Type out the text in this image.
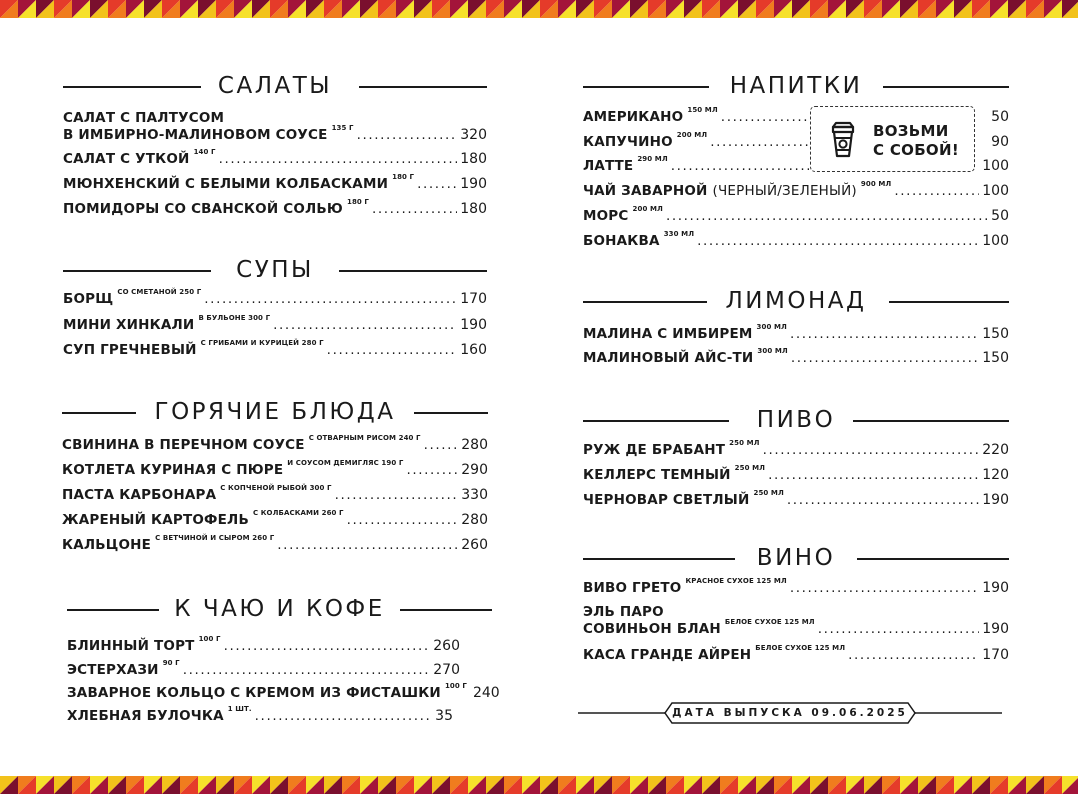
САЛАТЫ
САЛАТ С ПАЛТУСОМ
В ИМБИРНО-МАЛИНОВОМ СОУСЕ 135 Г .....	320
САЛАТ С УТКОЙ 140 Г .....	180
МЮНХЕНСКИЙ С БЕЛЫМИ КОЛБАСКАМИ 180 Г .....	190
ПОМИДОРЫ СО СВАНСКОЙ СОЛЬЮ 180 Г .....	180
СУПЫ
БОРЩ СО СМЕТАНОЙ 250 Г .....	170
МИНИ ХИНКАЛИ В БУЛЬОНЕ 300 Г .....	190
СУП ГРЕЧНЕВЫЙ С ГРИБАМИ И КУРИЦЕЙ 280 Г .....	160
ГОРЯЧИЕ БЛЮДА
СВИНИНА В ПЕРЕЧНОМ СОУСЕ С ОТВАРНЫМ РИСОМ 240 Г .....	280
КОТЛЕТА КУРИНАЯ С ПЮРЕ И СОУСОМ ДЕМИГЛЯС 190 Г .....	290
ПАСТА КАРБОНАРА С КОПЧЕНОЙ РЫБОЙ 300 Г .....	330
ЖАРЕНЫЙ КАРТОФЕЛЬ С КОЛБАСКАМИ 260 Г .....	280
КАЛЬЦОНЕ С ВЕТЧИНОЙ И СЫРОМ 260 Г .....	260
К ЧАЮ И КОФЕ
БЛИННЫЙ ТОРТ 100 Г .....	260
ЭСТЕРХАЗИ 90 Г .....	270
ЗАВАРНОЕ КОЛЬЦО С КРЕМОМ ИЗ ФИСТАШКИ 100 Г 240
ХЛЕБНАЯ БУЛОЧКА 1 ШТ. .....	35
НАПИТКИ
АМЕРИКАНО 150 МЛ .....	50
КАПУЧИНО 200 МЛ .....	90
ЛАТТЕ 290 МЛ .....	100
ЧАЙ ЗАВАРНОЙ (ЧЕРНЫЙ/ЗЕЛЕНЫЙ) 900 МЛ .....	100
МОРС 200 МЛ .....	50
БОНАКВА 330 МЛ .....	100
ВОЗЬМИ
С СОБОЙ!
ЛИМОНАД
МАЛИНА С ИМБИРЕМ 300 МЛ .....	150
МАЛИНОВЫЙ АЙС-ТИ 300 МЛ .....	150
ПИВО
РУЖ ДЕ БРАБАНТ 250 МЛ .....	220
КЕЛЛЕРС ТЕМНЫЙ 250 МЛ .....	120
ЧЕРНОВАР СВЕТЛЫЙ 250 МЛ .....	190
ВИНО
ВИВО ГРЕТО КРАСНОЕ СУХОЕ 125 МЛ .....	190
ЭЛЬ ПАРО
СОВИНЬОН БЛАН БЕЛОЕ СУХОЕ 125 МЛ .....	190
КАСА ГРАНДЕ АЙРЕН БЕЛОЕ СУХОЕ 125 МЛ .....	170
ДАТА ВЫПУСКА 09.06.2025
